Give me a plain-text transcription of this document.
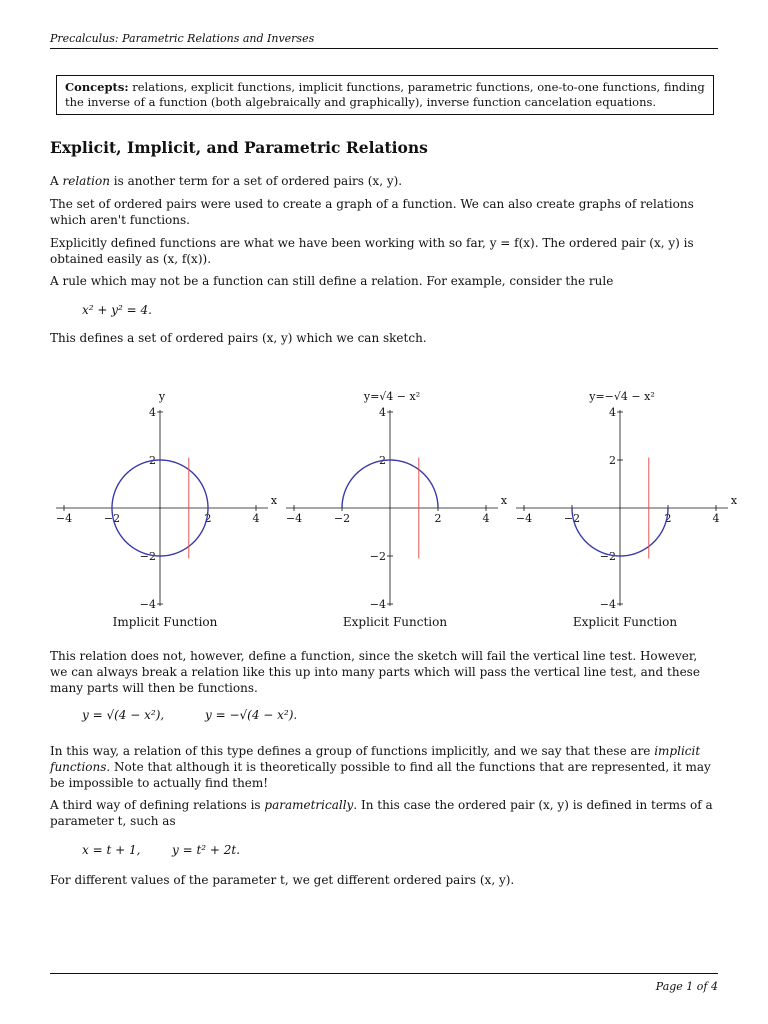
Precalculus: Parametric Relations and Inverses
Concepts: relations, explicit functions, implicit functions, parametric functions, one-to-one functions, finding the inverse of a function (both algebraically and graphically), inverse function cancelation equations.
Explicit, Implicit, and Parametric Relations
A relation is another term for a set of ordered pairs (x, y).
The set of ordered pairs were used to create a graph of a function. We can also create graphs of relations which aren't functions.
Explicitly defined functions are what we have been working with so far, y = f(x). The ordered pair (x, y) is obtained easily as (x, f(x)).
A rule which may not be a function can still define a relation. For example, consider the rule
x² + y² = 4.
This defines a set of ordered pairs (x, y) which we can sketch.
x
y
−4	−2	2	4
4
2
−2
−4
Implicit Function
x
y=√4 − x²
−4	−2	2	4
4
2
−2
−4
Explicit Function
x
y=−√4 − x²
−4	−2	2	4
4
2
−2
−4
Explicit Function
This relation does not, however, define a function, since the sketch will fail the vertical line test. However, we can always break a relation like this up into many parts which will pass the vertical line test, and these many parts will then be functions.
y = √(4 − x²),	y = −√(4 − x²).
In this way, a relation of this type defines a group of functions implicitly, and we say that these are implicit functions. Note that although it is theoretically possible to find all the functions that are represented, it may be impossible to actually find them!
A third way of defining relations is parametrically. In this case the ordered pair (x, y) is defined in terms of a parameter t, such as
x = t + 1,	y = t² + 2t.
For different values of the parameter t, we get different ordered pairs (x, y).
Page 1 of 4
